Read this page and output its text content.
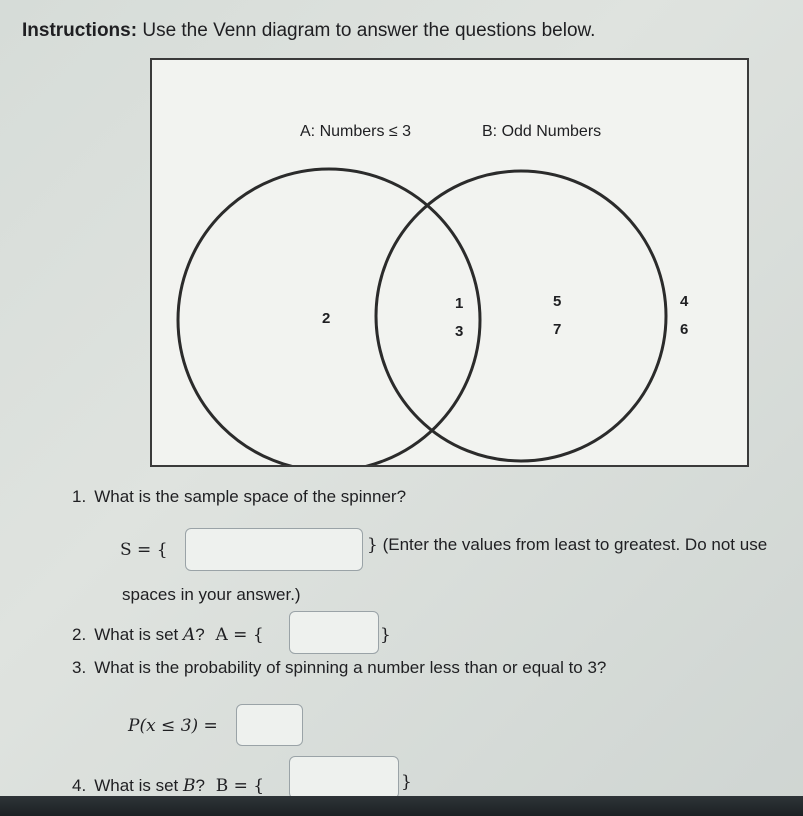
Instructions: Use the Venn diagram to answer the questions below.
A: Numbers ≤ 3	B: Odd Numbers
2
1
3
5
7
4
6
1. What is the sample space of the spinner?
S = {	} (Enter the values from least to greatest. Do not use
spaces in your answer.)
2. What is set A? A = {	}
3. What is the probability of spinning a number less than or equal to 3?
P(x ≤ 3) =
4. What is set B? B = {	}
